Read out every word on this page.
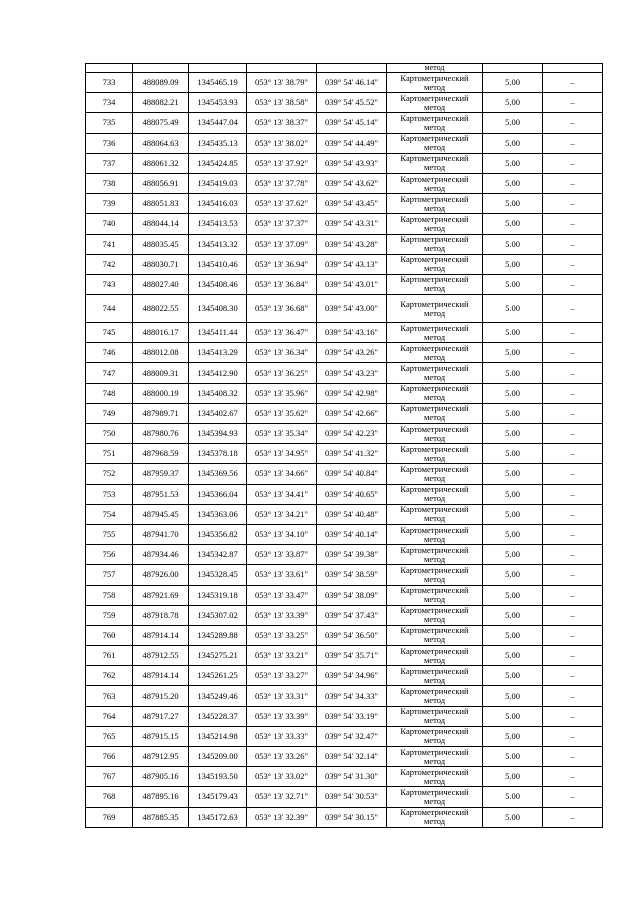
					метод		
733	488089.09	1345465.19	053° 13' 38.79"	039° 54' 46.14"	Картометрический
метод	5.00	–
734	488082.21	1345453.93	053° 13' 38.58"	039° 54' 45.52"	Картометрический
метод	5.00	–
735	488075.49	1345447.04	053° 13' 38.37"	039° 54' 45.14"	Картометрический
метод	5.00	–
736	488064.63	1345435.13	053° 13' 38.02"	039° 54' 44.49"	Картометрический
метод	5.00	–
737	488061.32	1345424.85	053° 13' 37.92"	039° 54' 43.93"	Картометрический
метод	5.00	–
738	488056.91	1345419.03	053° 13' 37.78"	039° 54' 43.62"	Картометрический
метод	5.00	–
739	488051.83	1345416.03	053° 13' 37.62"	039° 54' 43.45"	Картометрический
метод	5.00	–
740	488044.14	1345413.53	053° 13' 37.37"	039° 54' 43.31"	Картометрический
метод	5.00	–
741	488035.45	1345413.32	053° 13' 37.09"	039° 54' 43.28"	Картометрический
метод	5.00	–
742	488030.71	1345410.46	053° 13' 36.94"	039° 54' 43.13"	Картометрический
метод	5.00	–
743	488027.40	1345408.46	053° 13' 36.84"	039° 54' 43.01"	Картометрический
метод	5.00	–
744	488022.55	1345408.30	053° 13' 36.68"	039° 54' 43.00"	Картометрический
метод	5.00	–
745	488016.17	1345411.44	053° 13' 36.47"	039° 54' 43.16"	Картометрический
метод	5.00	–
746	488012.08	1345413.29	053° 13' 36.34"	039° 54' 43.26"	Картометрический
метод	5.00	–
747	488009.31	1345412.90	053° 13' 36.25"	039° 54' 43.23"	Картометрический
метод	5.00	–
748	488000.19	1345408.32	053° 13' 35.96"	039° 54' 42.98"	Картометрический
метод	5.00	–
749	487989.71	1345402.67	053° 13' 35.62"	039° 54' 42.66"	Картометрический
метод	5.00	–
750	487980.76	1345394.93	053° 13' 35.34"	039° 54' 42.23"	Картометрический
метод	5.00	–
751	487968.59	1345378.18	053° 13' 34.95"	039° 54' 41.32"	Картометрический
метод	5.00	–
752	487959.37	1345369.56	053° 13' 34.66"	039° 54' 40.84"	Картометрический
метод	5.00	–
753	487951.53	1345366.04	053° 13' 34.41"	039° 54' 40.65"	Картометрический
метод	5.00	–
754	487945.45	1345363.06	053° 13' 34.21"	039° 54' 40.48"	Картометрический
метод	5.00	–
755	487941.70	1345356.82	053° 13' 34.10"	039° 54' 40.14"	Картометрический
метод	5.00	–
756	487934.46	1345342.87	053° 13' 33.87"	039° 54' 39.38"	Картометрический
метод	5.00	–
757	487926.00	1345328.45	053° 13' 33.61"	039° 54' 38.59"	Картометрический
метод	5.00	–
758	487921.69	1345319.18	053° 13' 33.47"	039° 54' 38.09"	Картометрический
метод	5.00	–
759	487918.78	1345307.02	053° 13' 33.39"	039° 54' 37.43"	Картометрический
метод	5.00	–
760	487914.14	1345289.88	053° 13' 33.25"	039° 54' 36.50"	Картометрический
метод	5.00	–
761	487912.55	1345275.21	053° 13' 33.21"	039° 54' 35.71"	Картометрический
метод	5.00	–
762	487914.14	1345261.25	053° 13' 33.27"	039° 54' 34.96"	Картометрический
метод	5.00	–
763	487915.20	1345249.46	053° 13' 33.31"	039° 54' 34.33"	Картометрический
метод	5.00	–
764	487917.27	1345228.37	053° 13' 33.39"	039° 54' 33.19"	Картометрический
метод	5.00	–
765	487915.15	1345214.98	053° 13' 33.33"	039° 54' 32.47"	Картометрический
метод	5.00	–
766	487912.95	1345209.00	053° 13' 33.26"	039° 54' 32.14"	Картометрический
метод	5.00	–
767	487905.16	1345193.50	053° 13' 33.02"	039° 54' 31.30"	Картометрический
метод	5.00	–
768	487895.16	1345179.43	053° 13' 32.71"	039° 54' 30.53"	Картометрический
метод	5.00	–
769	487885.35	1345172.63	053° 13' 32.39"	039° 54' 30.15"	Картометрический
метод	5.00	–
